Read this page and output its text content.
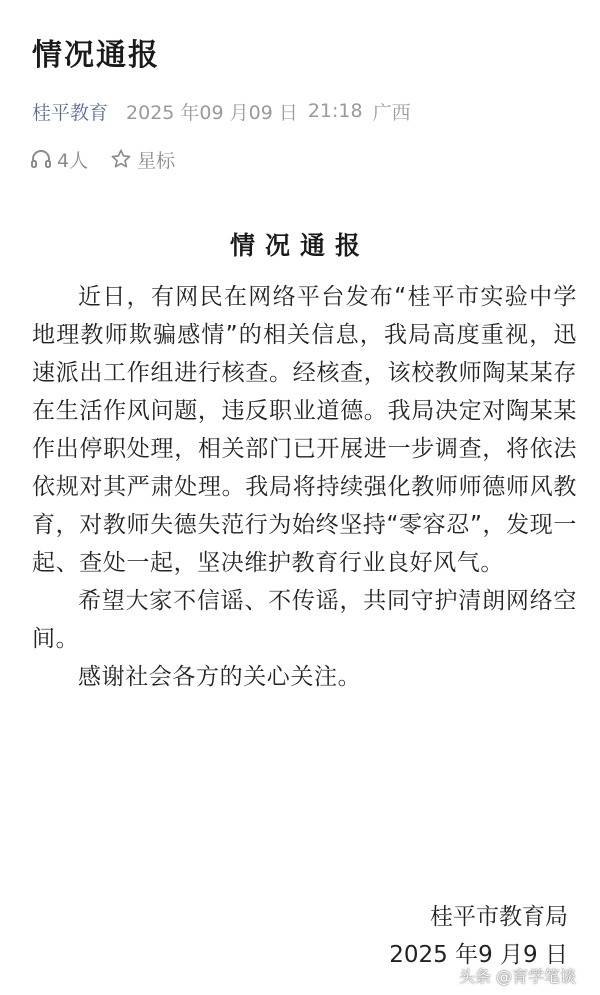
情况通报
桂平教育 2025 年09 月09 日 21:18 广西
4人	星标
情况通报

近日，有网民在网络平台发布“桂平市实验中学地理教师欺骗感情”的相关信息，我局高度重视，迅速派出工作组进行核查。经核查，该校教师陶某某存在生活作风问题，违反职业道德。我局决定对陶某某作出停职处理，相关部门已开展进一步调查，将依法依规对其严肃处理。我局将持续强化教师师德师风教育，对教师失德失范行为始终坚持“零容忍”，发现一起、查处一起，坚决维护教育行业良好风气。

希望大家不信谣、不传谣，共同守护清朗网络空间。

感谢社会各方的关心关注。

桂平市教育局
2025 年9 月9 日
头条 @育学笔谈
